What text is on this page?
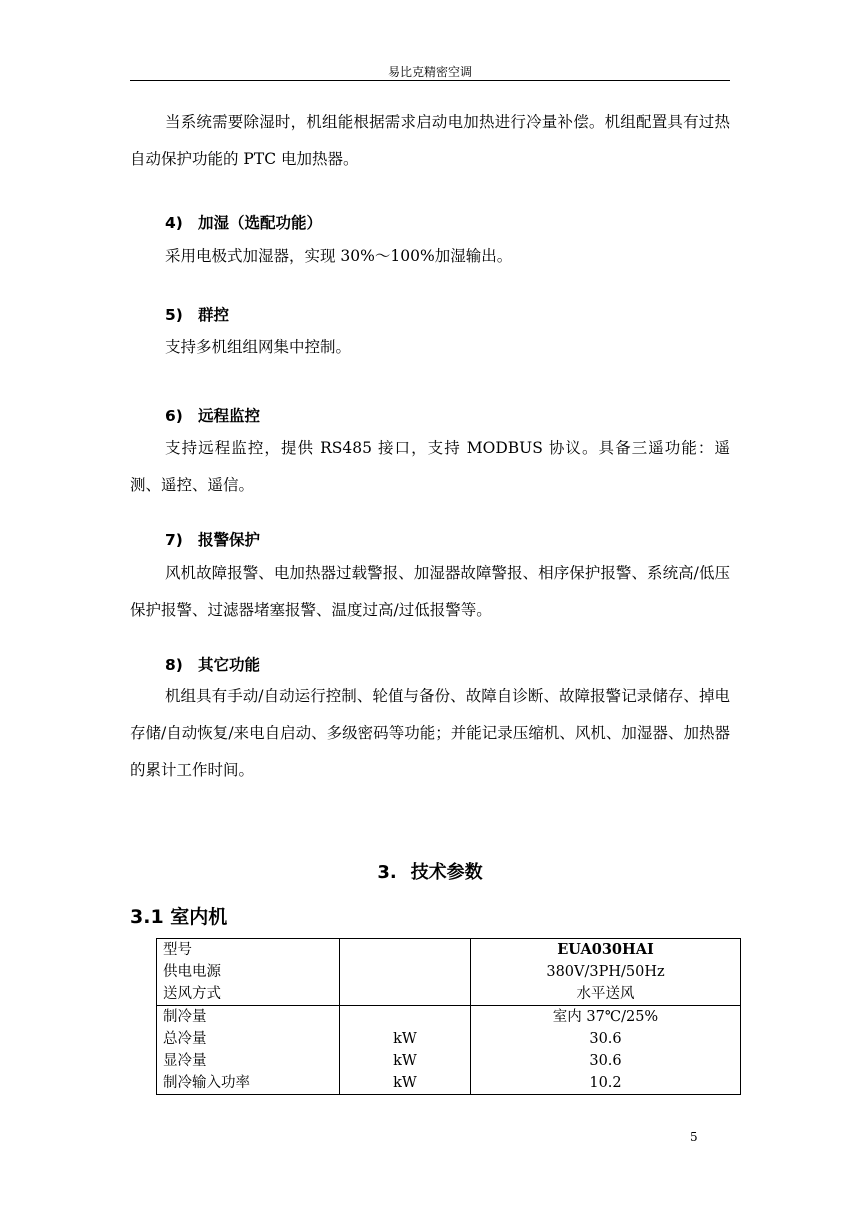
易比克精密空调

当系统需要除湿时，机组能根据需求启动电加热进行冷量补偿。机组配置具有过热自动保护功能的 PTC 电加热器。

4) 加湿（选配功能）

采用电极式加湿器，实现 30%～100%加湿输出。

5) 群控

支持多机组组网集中控制。

6) 远程监控

支持远程监控，提供 RS485 接口，支持 MODBUS 协议。具备三遥功能：遥测、遥控、遥信。

7) 报警保护

风机故障报警、电加热器过载警报、加湿器故障警报、相序保护报警、系统高/低压保护报警、过滤器堵塞报警、温度过高/过低报警等。

8) 其它功能

机组具有手动/自动运行控制、轮值与备份、故障自诊断、故障报警记录储存、掉电存储/自动恢复/来电自启动、多级密码等功能；并能记录压缩机、风机、加湿器、加热器的累计工作时间。

3. 技术参数
3.1 室内机
型号		EUA030HAI
供电电源		380V/3PH/50Hz
送风方式		水平送风
制冷量		室内 37℃/25%
总冷量	kW	30.6
显冷量	kW	30.6
制冷输入功率	kW	10.2
5
